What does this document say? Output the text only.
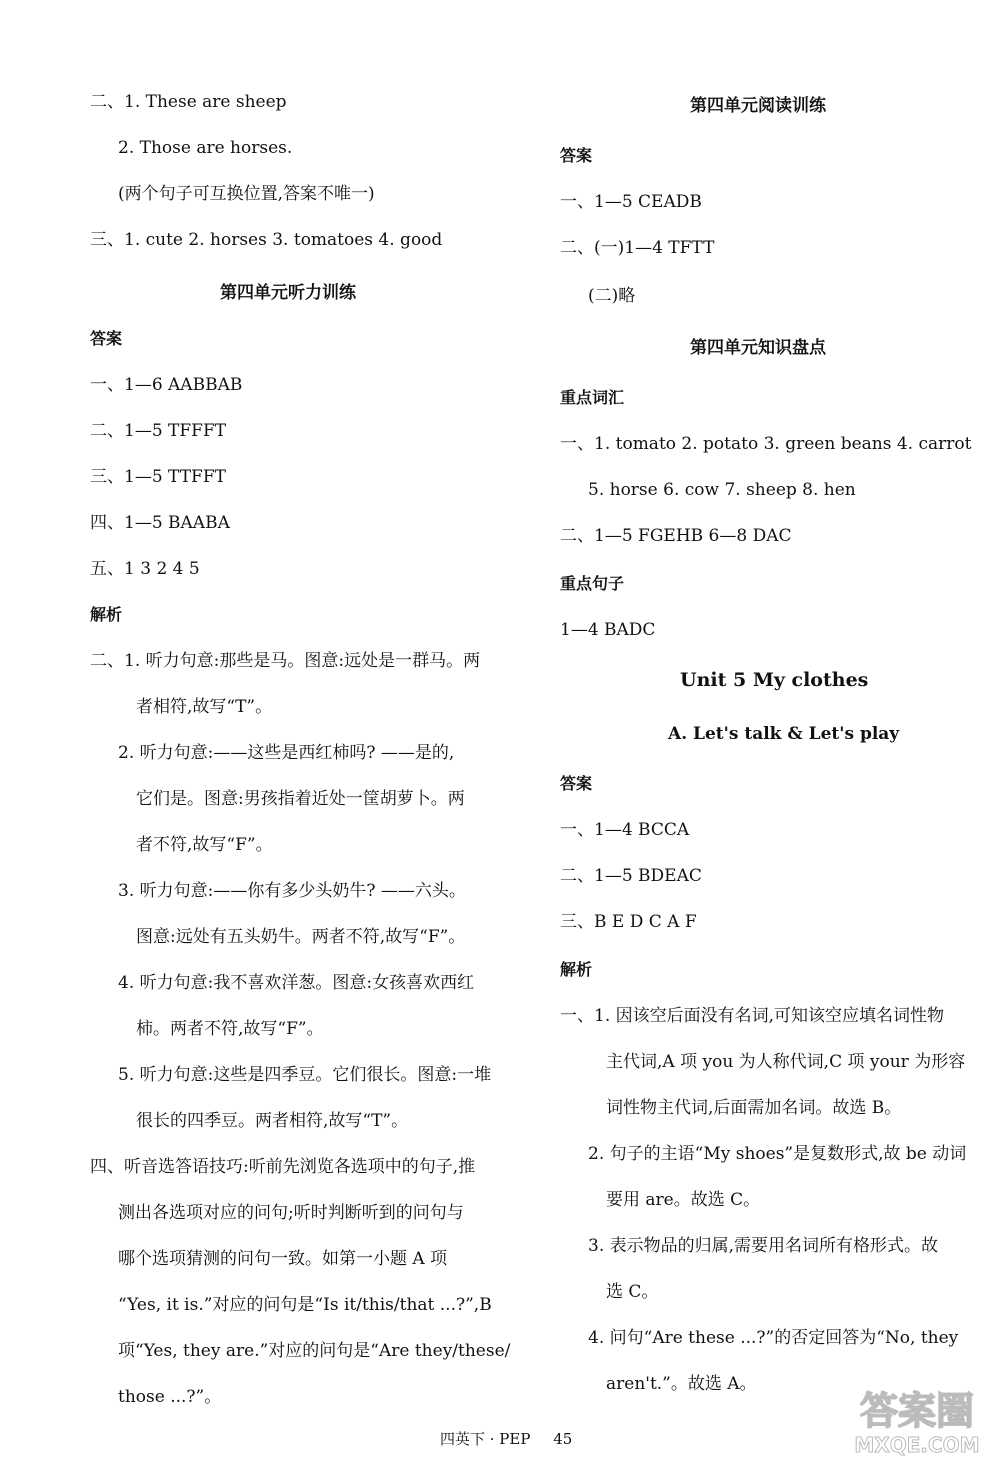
二、1. These are sheep
2. Those are horses.
(两个句子可互换位置,答案不唯一)
三、1. cute 2. horses 3. tomatoes 4. good
第四单元听力训练
答案
一、1—6 AABBAB
二、1—5 TFFFT
三、1—5 TTFFT
四、1—5 BAABA
五、1 3 2 4 5
解析
二、1. 听力句意:那些是马。图意:远处是一群马。两
者相符,故写“T”。
2. 听力句意:——这些是西红柿吗? ——是的,
它们是。图意:男孩指着近处一筐胡萝卜。两
者不符,故写“F”。
3. 听力句意:——你有多少头奶牛? ——六头。
图意:远处有五头奶牛。两者不符,故写“F”。
4. 听力句意:我不喜欢洋葱。图意:女孩喜欢西红
柿。两者不符,故写“F”。
5. 听力句意:这些是四季豆。它们很长。图意:一堆
很长的四季豆。两者相符,故写“T”。
四、听音选答语技巧:听前先浏览各选项中的句子,推
测出各选项对应的问句;听时判断听到的问句与
哪个选项猜测的问句一致。如第一小题 A 项
“Yes, it is.”对应的问句是“Is it/this/that ...?”,B
项“Yes, they are.”对应的问句是“Are they/these/
those ...?”。
第四单元阅读训练
答案
一、1—5 CEADB
二、(一)1—4 TFTT
(二)略
第四单元知识盘点
重点词汇
一、1. tomato 2. potato 3. green beans 4. carrot
5. horse 6. cow 7. sheep 8. hen
二、1—5 FGEHB 6—8 DAC
重点句子
1—4 BADC
Unit 5 My clothes
A. Let's talk & Let's play
答案
一、1—4 BCCA
二、1—5 BDEAC
三、B E D C A F
解析
一、1. 因该空后面没有名词,可知该空应填名词性物
主代词,A 项 you 为人称代词,C 项 your 为形容
词性物主代词,后面需加名词。故选 B。
2. 句子的主语“My shoes”是复数形式,故 be 动词
要用 are。故选 C。
3. 表示物品的归属,需要用名词所有格形式。故
选 C。
4. 问句“Are these ...?”的否定回答为“No, they
aren't.”。故选 A。
四英下 · PEP 45
答案圈
MXQE.COM
